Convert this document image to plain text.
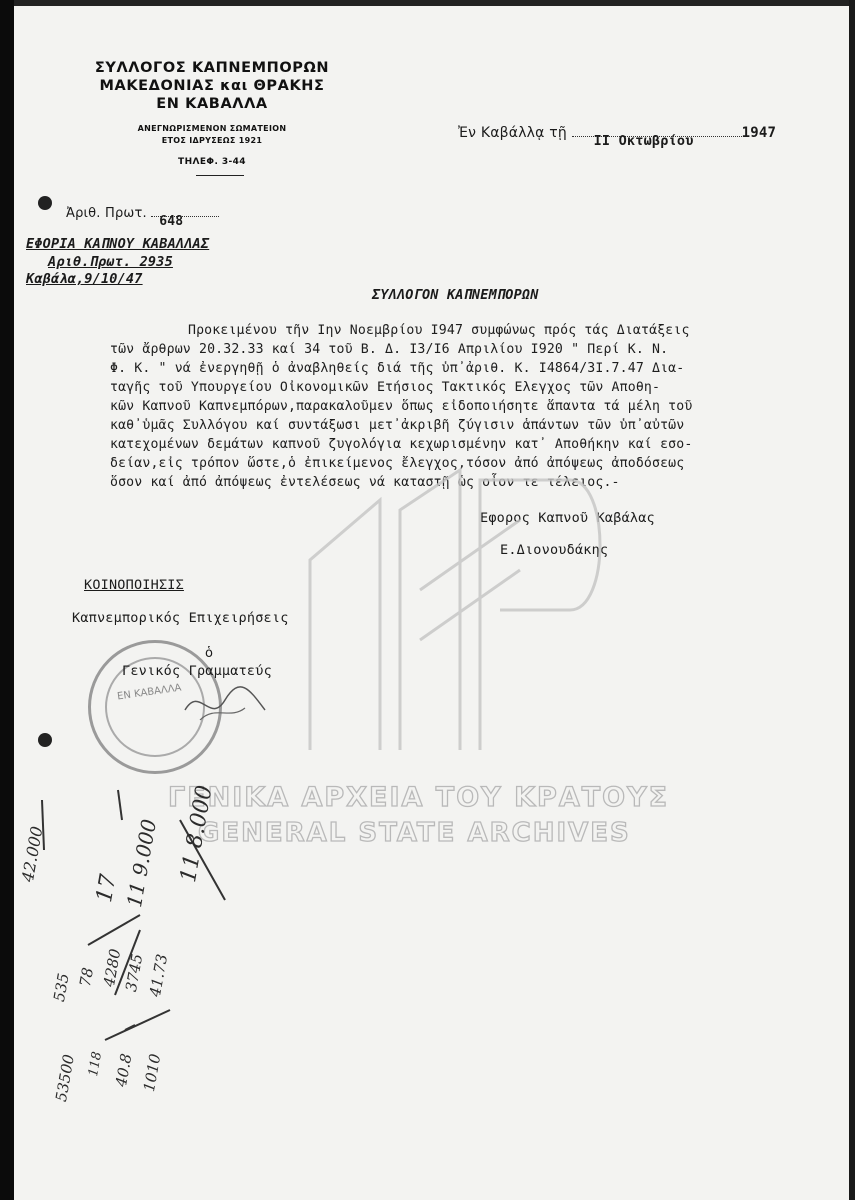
ΣΥΛΛΟΓΟΣ ΚΑΠΝΕΜΠΟΡΩΝ
ΜΑΚΕΔΟΝΙΑΣ και ΘΡΑΚΗΣ
ΕΝ ΚΑΒΑΛΛΑ
ΑΝΕΓΝΩΡΙΣΜΕΝΟΝ ΣΩΜΑΤΕΙΟΝ
ΕΤΟΣ ΙΔΡΥΣΕΩΣ 1921
ΤΗΛΕΦ. 3-44
Ἐν Καβάλλᾳ τῇ ΙΙ Οκτωβρίου	1947
Ἀριθ. Πρωτ.
648
ΕΦΟΡΙΑ ΚΑΠΝΟΥ ΚΑΒΑΛΛΑΣ
Αριθ.Πρωτ. 2935
Καβάλα,9/10/47
ΣΥΛΛΟΓΟΝ ΚΑΠΝΕΜΠΟΡΩΝ
Προκειμένου τῆν Ιην Νοεμβρίου Ι947 συμφώνως πρός τάς Διατάξεις
τῶν ἄρθρων 20.32.33 καί 34 τοῦ Β. Δ. Ι3/Ι6 Απριλίου Ι920 " Περί Κ. Ν.
Φ. Κ. " νά ἐνεργηθῇ ὁ ἀναβληθείς διά τῆς ὑπ᾽ἀριθ. Κ. Ι4864/3Ι.7.47 Δια-
ταγῆς τοῦ Υπουργείου Οἰκονομικῶν Ετήσιος Τακτικός Ελεγχος τῶν Αποθη-
κῶν Καπνοῦ Καπνεμπόρων,παρακαλοῦμεν ὅπως εἰδοποιήσητε ἅπαντα τά μέλη τοῦ
καθ᾽ὑμᾶς Συλλόγου καί συντάξωσι μετ᾽ἀκριβῆ ζύγισιν ἁπάντων τῶν ὑπ᾽αὐτῶν
κατεχομένων δεμάτων καπνοῦ ζυγολόγια κεχωρισμένην κατ᾽ Αποθήκην καί εσο-
δείαν,εἰς τρόπον ὥστε,ὁ ἐπικείμενος ἔλεγχος,τόσον ἀπό ἀπόψεως ἀποδόσεως
ὅσον καί ἀπό ἀπόψεως ἐντελέσεως νά καταστῇ ὡς οἷον τε τέλειος.-
Εφορος Καπνοῦ Καβάλας
Ε.Διονουδάκης
ΚΟΙΝΟΠΟΙΗΣΙΣ
Καπνεμπορικός Επιχειρήσεις
ΕΝ ΚΑΒΑΛΛΑ
ὁ
Γενικός Γραμματεύς
ΓΕΝΙΚΑ ΑΡΧΕΙΑ ΤΟΥ ΚΡΑΤΟΥΣ
GENERAL STATE ARCHIVES
42.000
17 11 9.000 11 8.000
535 78 4280
3745 41.73
53500 118 40.8 1010
